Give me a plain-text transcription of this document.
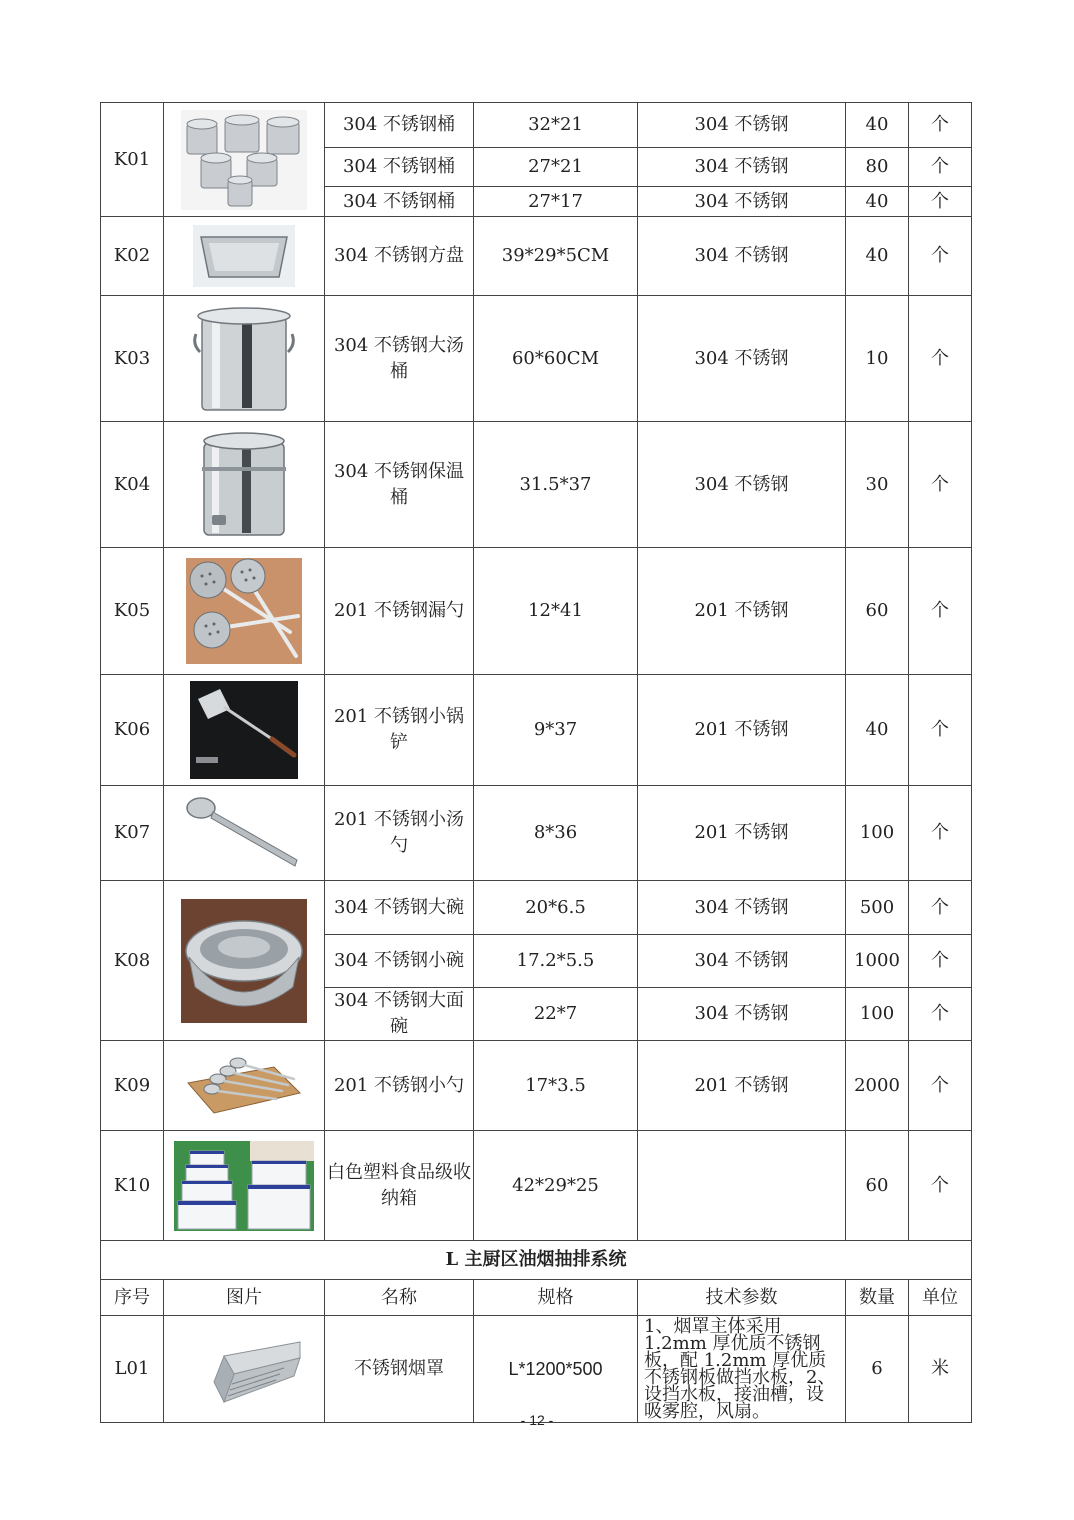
K01		304 不锈钢桶	32*21	304 不锈钢	40	个
		304 不锈钢桶	27*21	304 不锈钢	80	个
		304 不锈钢桶	27*17	304 不锈钢	40	个
K02		304 不锈钢方盘	39*29*5CM	304 不锈钢	40	个
K03		304 不锈钢大汤桶	60*60CM	304 不锈钢	10	个
K04		304 不锈钢保温桶	31.5*37	304 不锈钢	30	个
K05		201 不锈钢漏勺	12*41	201 不锈钢	60	个
K06		201 不锈钢小锅铲	9*37	201 不锈钢	40	个
K07		201 不锈钢小汤勺	8*36	201 不锈钢	100	个
K08		304 不锈钢大碗	20*6.5	304 不锈钢	500	个
		304 不锈钢小碗	17.2*5.5	304 不锈钢	1000	个
		304 不锈钢大面碗	22*7	304 不锈钢	100	个
K09		201 不锈钢小勺	17*3.5	201 不锈钢	2000	个
K10		白色塑料食品级收纳箱	42*29*25		60	个
L 主厨区油烟抽排系统						
序号	图片	名称	规格	技术参数	数量	单位
L01		不锈钢烟罩	L*1200*500	1、烟罩主体采用 1.2mm 厚优质不锈钢板，配 1.2mm 厚优质不锈钢板做挡水板，2、设挡水板，接油槽，设吸雾腔，风扇。	6	米
- 12 -
